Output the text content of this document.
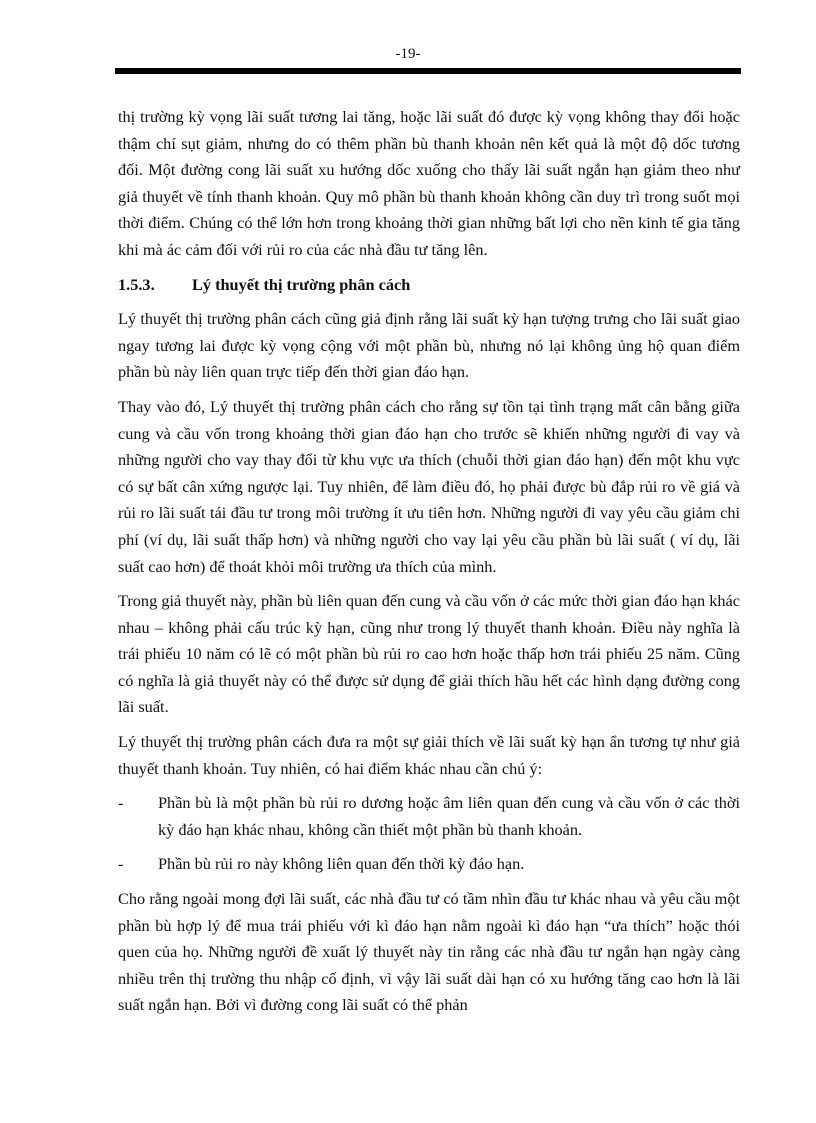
-19-

thị trường kỳ vọng lãi suất tương lai tăng, hoặc lãi suất đó được kỳ vọng không thay đổi hoặc thậm chí sụt giảm, nhưng do có thêm phần bù thanh khoản nên kết quả là một độ dốc tương đối. Một đường cong lãi suất xu hướng dốc xuống cho thấy lãi suất ngắn hạn giảm theo như giả thuyết về tính thanh khoản. Quy mô phần bù thanh khoản không cần duy trì trong suốt mọi thời điểm. Chúng có thể lớn hơn trong khoảng thời gian những bất lợi cho nền kinh tế gia tăng khi mà ác cảm đối với rủi ro của các nhà đầu tư tăng lên.

1.5.3.	Lý thuyết thị trường phân cách

Lý thuyết thị trường phân cách cũng giả định rằng lãi suất kỳ hạn tượng trưng cho lãi suất giao ngay tương lai được kỳ vọng cộng với một phần bù, nhưng nó lại không ủng hộ quan điểm phần bù này liên quan trực tiếp đến thời gian đáo hạn.

Thay vào đó, Lý thuyết thị trường phân cách cho rằng sự tồn tại tình trạng mất cân bằng giữa cung và cầu vốn trong khoảng thời gian đáo hạn cho trước sẽ khiến những người đi vay và những người cho vay thay đổi từ khu vực ưa thích (chuỗi thời gian đáo hạn) đến một khu vực có sự bất cân xứng ngược lại. Tuy nhiên, để làm điều đó, họ phải được bù đắp rủi ro về giá và rủi ro lãi suất tái đầu tư trong môi trường ít ưu tiên hơn. Những người đi vay yêu cầu giảm chi phí (ví dụ, lãi suất thấp hơn) và những người cho vay lại yêu cầu phần bù lãi suất ( ví dụ, lãi suất cao hơn) để thoát khỏi môi trường ưa thích của mình.

Trong giả thuyết này, phần bù liên quan đến cung và cầu vốn ở các mức thời gian đáo hạn khác nhau – không phải cấu trúc kỳ hạn, cũng như trong lý thuyết thanh khoản. Điều này nghĩa là trái phiếu 10 năm có lẽ có một phần bù rủi ro cao hơn hoặc thấp hơn trái phiếu 25 năm. Cũng có nghĩa là giả thuyết này có thể được sử dụng để giải thích hầu hết các hình dạng đường cong lãi suất.

Lý thuyết thị trường phân cách đưa ra một sự giải thích về lãi suất kỳ hạn ẩn tương tự như giả thuyết thanh khoản. Tuy nhiên, có hai điểm khác nhau cần chú ý:

-	Phần bù là một phần bù rủi ro dương hoặc âm liên quan đến cung và cầu vốn ở các thời kỳ đáo hạn khác nhau, không cần thiết một phần bù thanh khoản.
-	Phần bù rủi ro này không liên quan đến thời kỳ đáo hạn.

Cho rằng ngoài mong đợi lãi suất, các nhà đầu tư có tầm nhìn đầu tư khác nhau và yêu cầu một phần bù hợp lý để mua trái phiếu với kì đáo hạn nằm ngoài kì đáo hạn “ưa thích” hoặc thói quen của họ. Những người đề xuất lý thuyết này tin rằng các nhà đầu tư ngắn hạn ngày càng nhiều trên thị trường thu nhập cố định, vì vậy lãi suất dài hạn có xu hướng tăng cao hơn là lãi suất ngắn hạn. Bởi vì đường cong lãi suất có thể phản
